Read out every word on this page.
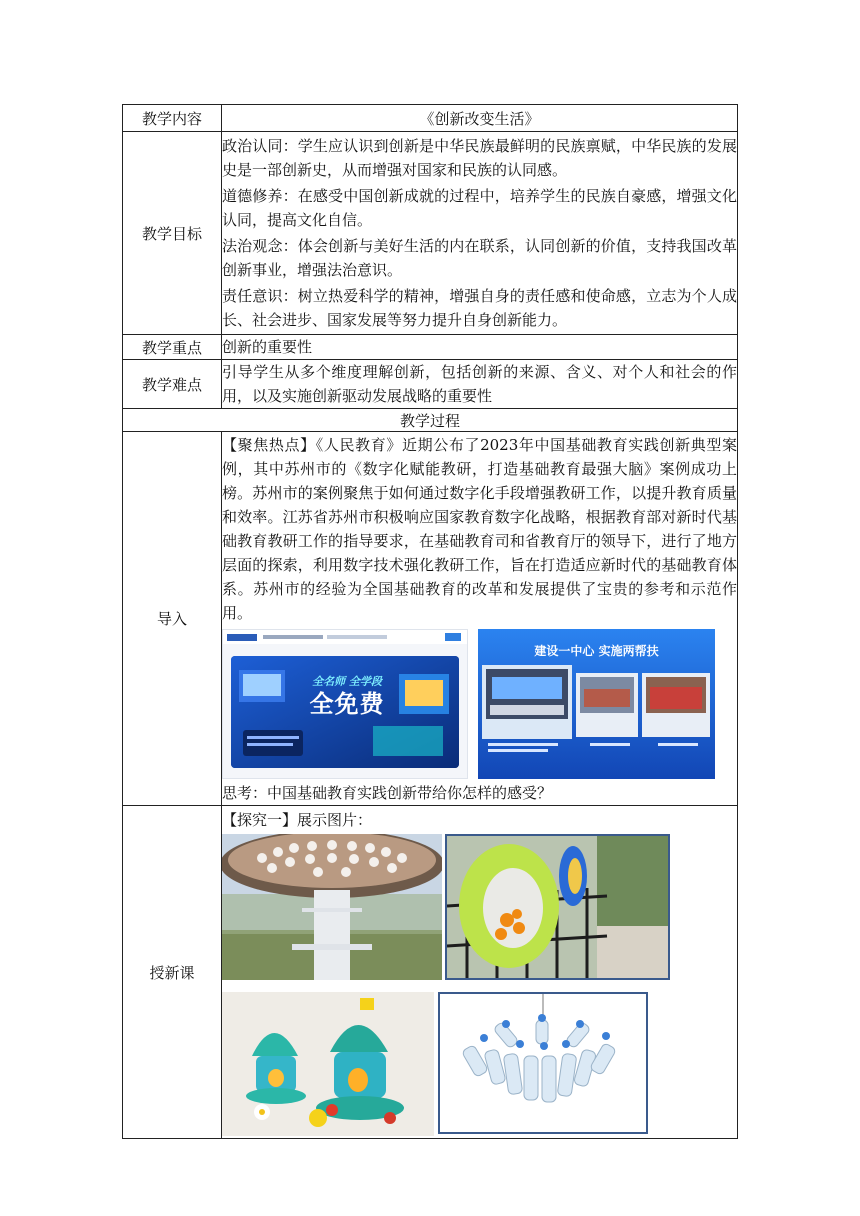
教学内容	《创新改变生活》
教学目标	政治认同：学生应认识到创新是中华民族最鲜明的民族禀赋，中华民族的发展史是一部创新史，从而增强对国家和民族的认同感。

道德修养：在感受中国创新成就的过程中，培养学生的民族自豪感，增强文化认同，提高文化自信。

法治观念：体会创新与美好生活的内在联系，认同创新的价值，支持我国改革创新事业，增强法治意识。

责任意识：树立热爱科学的精神，增强自身的责任感和使命感，立志为个人成长、社会进步、国家发展等努力提升自身创新能力。

教学重点	创新的重要性
教学难点	引导学生从多个维度理解创新，包括创新的来源、含义、对个人和社会的作用，以及实施创新驱动发展战略的重要性
教学过程	
导入	【聚焦热点】《人民教育》近期公布了2023年中国基础教育实践创新典型案例，其中苏州市的《数字化赋能教研，打造基础教育最强大脑》案例成功上榜。苏州市的案例聚焦于如何通过数字化手段增强教研工作，以提升教育质量和效率。江苏省苏州市积极响应国家教育数字化战略，根据教育部对新时代基础教育教研工作的指导要求，在基础教育司和省教育厅的领导下，进行了地方层面的探索，利用数字技术强化教研工作，旨在打造适应新时代的基础教育体系。苏州市的经验为全国基础教育的改革和发展提供了宝贵的参考和示范作用。

全名师 全学段
全免费
建设一中心 实施两帮扶

思考：中国基础教育实践创新带给你怎样的感受？

授新课	【探究一】展示图片：
